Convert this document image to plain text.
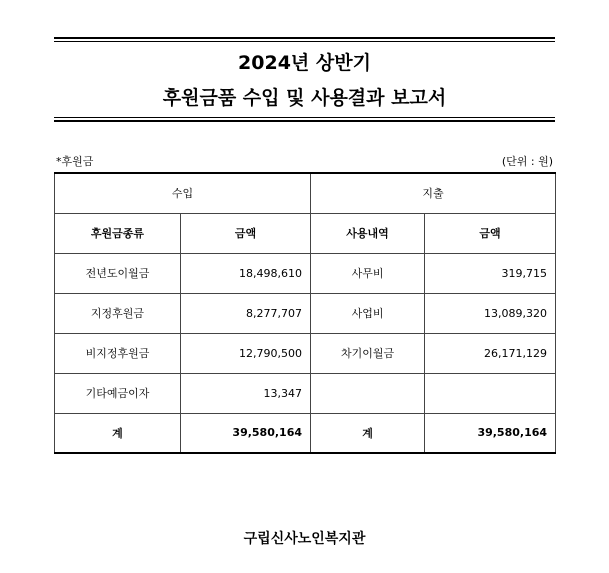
2024년 상반기
후원금품 수입 및 사용결과 보고서
*후원금	(단위 : 원)
수입		지출	
후원금종류	금액	사용내역	금액
전년도이월금	18,498,610	사무비	319,715
지정후원금	8,277,707	사업비	13,089,320
비지정후원금	12,790,500	차기이월금	26,171,129
기타예금이자	13,347		
계	39,580,164	계	39,580,164
구립신사노인복지관
